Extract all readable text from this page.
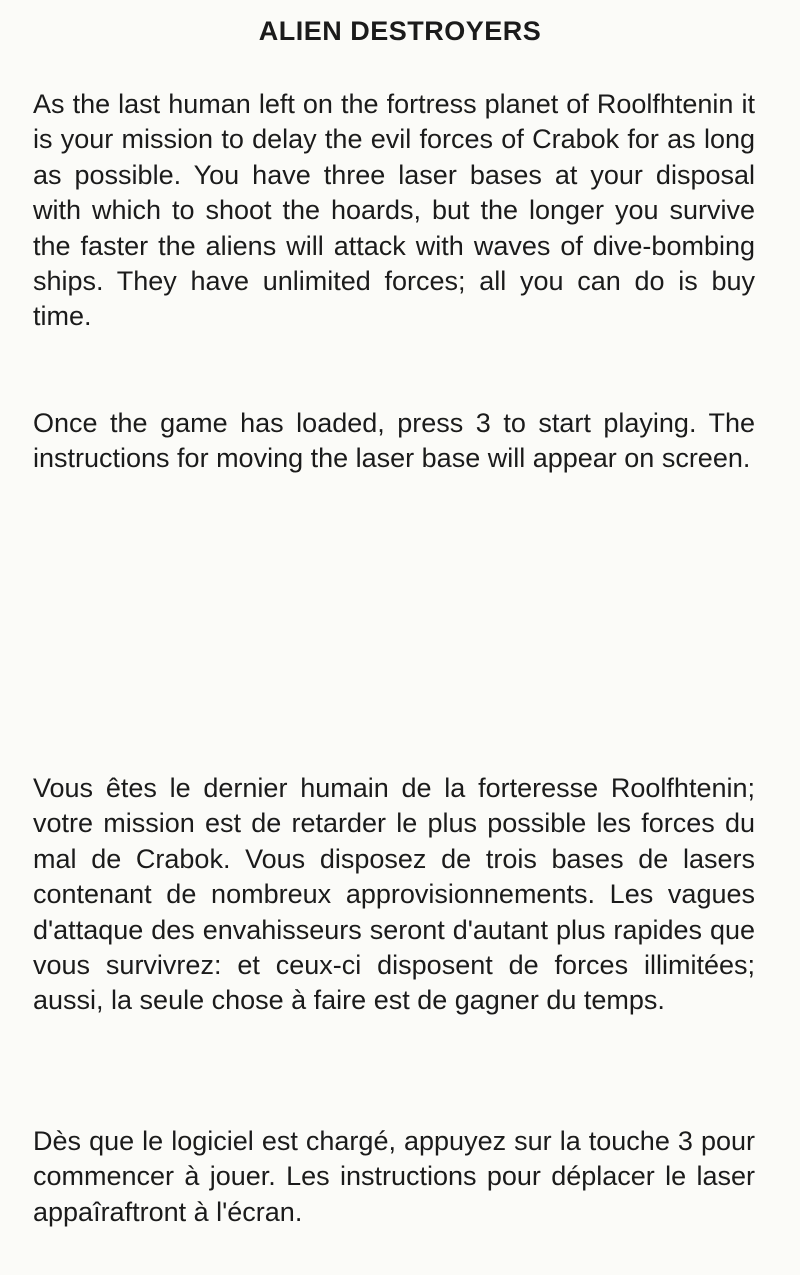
ALIEN DESTROYERS

As the last human left on the fortress planet of Roolfhtenin it is your mission to delay the evil forces of Crabok for as long as possible. You have three laser bases at your disposal with which to shoot the hoards, but the longer you survive the faster the aliens will attack with waves of dive-bombing ships. They have unlimited forces; all you can do is buy time.

Once the game has loaded, press 3 to start playing. The instructions for moving the laser base will appear on screen.

Vous êtes le dernier humain de la forteresse Roolfhtenin; votre mission est de retarder le plus possible les forces du mal de Crabok. Vous disposez de trois bases de lasers contenant de nombreux approvisionnements. Les vagues d'attaque des envahisseurs seront d'autant plus rapides que vous survivrez: et ceux-ci disposent de forces illimitées; aussi, la seule chose à faire est de gagner du temps.

Dès que le logiciel est chargé, appuyez sur la touche 3 pour commencer à jouer. Les instructions pour déplacer le laser appaîraftront à l'écran.
